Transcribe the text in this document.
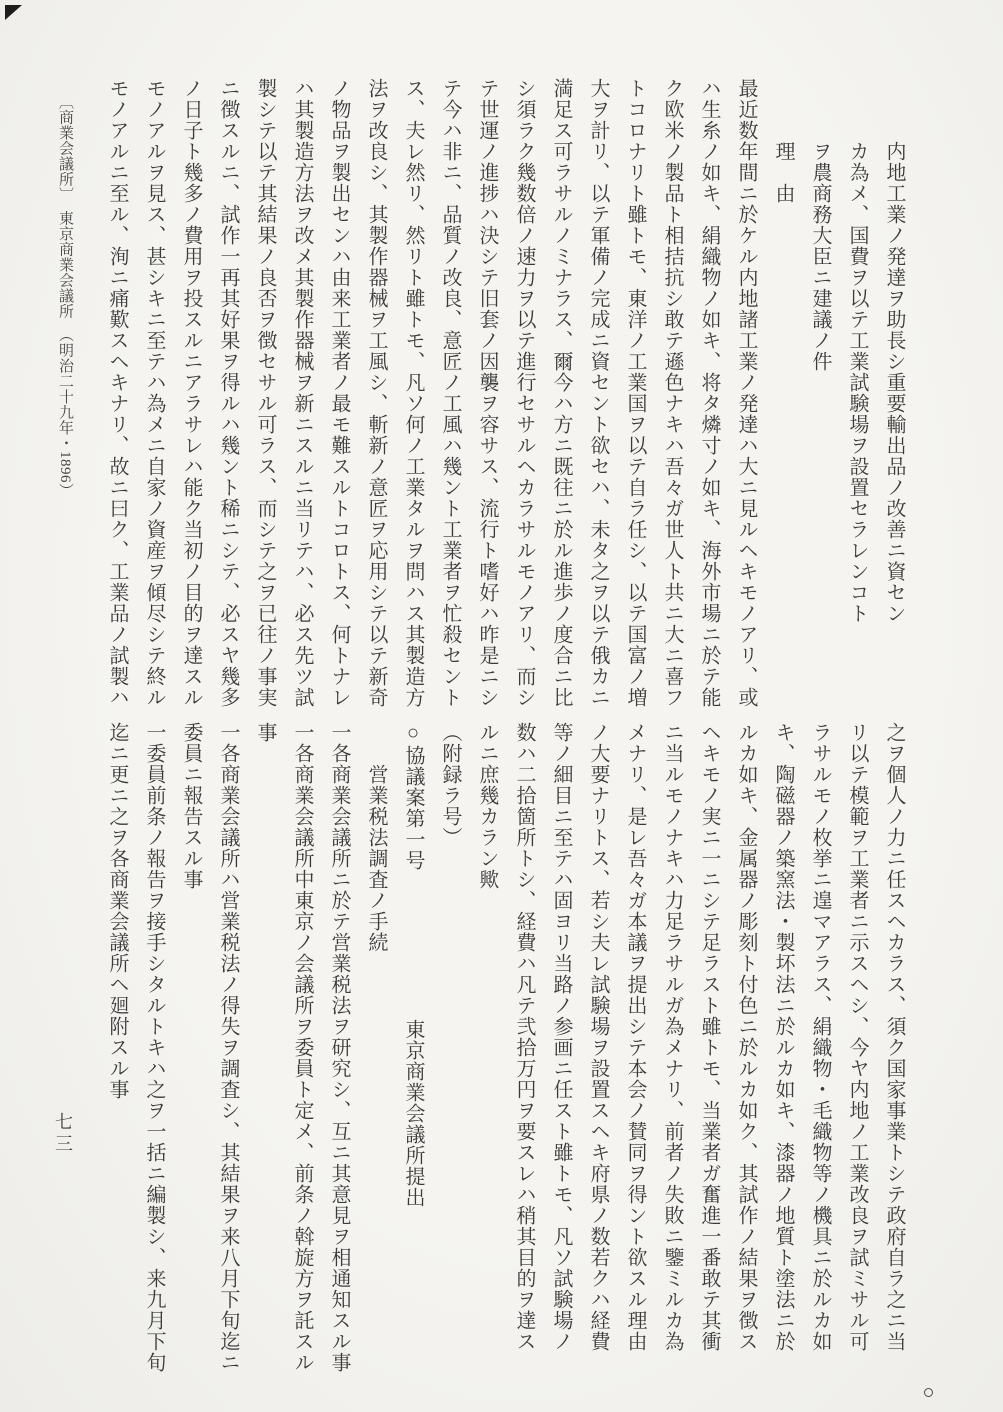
　　　内地工業ノ発達ヲ助長シ重要輸出品ノ改善ニ資セン

　　　カ為メ、国費ヲ以テ工業試験場ヲ設置セラレンコト

　　　ヲ農商務大臣ニ建議ノ件

　　　理　由

最近数年間ニ於ケル内地諸工業ノ発達ハ大ニ見ルヘキモノアリ、或

ハ生糸ノ如キ、絹織物ノ如キ、将タ燐寸ノ如キ、海外市場ニ於テ能

ク欧米ノ製品ト相拮抗シ敢テ遜色ナキハ吾々ガ世人ト共ニ大ニ喜フ

トコロナリト雖トモ、東洋ノ工業国ヲ以テ自ラ任シ、以テ国富ノ増

大ヲ計リ、以テ軍備ノ完成ニ資セント欲セハ、未タ之ヲ以テ俄カニ

満足ス可ラサルノミナラス、爾今ハ方ニ既往ニ於ル進歩ノ度合ニ比

シ須ラク幾数倍ノ速力ヲ以テ進行セサルヘカラサルモノアリ、而シ

テ世運ノ進捗ハ決シテ旧套ノ因襲ヲ容サス、流行ト嗜好ハ昨是ニシ

テ今ハ非ニ、品質ノ改良、意匠ノ工風ハ幾ント工業者ヲ忙殺セント

ス、夫レ然リ、然リト雖トモ、凡ソ何ノ工業タルヲ問ハス其製造方

法ヲ改良シ、其製作器械ヲ工風シ、斬新ノ意匠ヲ応用シテ以テ新奇

ノ物品ヲ製出センハ由来工業者ノ最モ難スルトコロトス、何トナレ

ハ其製造方法ヲ改メ其製作器械ヲ新ニスルニ当リテハ、必ス先ツ試

製シテ以テ其結果ノ良否ヲ徴セサル可ラス、而シテ之ヲ已往ノ事実

ニ徴スルニ、試作一再其好果ヲ得ルハ幾ント稀ニシテ、必スヤ幾多

ノ日子ト幾多ノ費用ヲ投スルニアラサレハ能ク当初ノ目的ヲ達スル

モノアルヲ見ス、甚シキニ至テハ為メニ自家ノ資産ヲ傾尽シテ終ル

モノアルニ至ル、洵ニ痛歎スヘキナリ、故ニ曰ク、工業品ノ試製ハ

〔商業会議所〕　東京商業会議所　（明治二十九年・1896）

之ヲ個人ノ力ニ任スヘカラス、須ク国家事業トシテ政府自ラ之ニ当

リ以テ模範ヲ工業者ニ示スヘシ、今ヤ内地ノ工業改良ヲ試ミサル可

ラサルモノ枚挙ニ遑マアラス、絹織物・毛織物等ノ機具ニ於ルカ如

キ、陶磁器ノ築窯法・製坏法ニ於ルカ如キ、漆器ノ地質ト塗法ニ於

ルカ如キ、金属器ノ彫刻ト付色ニ於ルカ如ク、其試作ノ結果ヲ徴ス

ヘキモノ実ニ一ニシテ足ラスト雖トモ、当業者ガ奮進一番敢テ其衝

ニ当ルモノナキハ力足ラサルガ為メナリ、前者ノ失敗ニ鑒ミルカ為

メナリ、是レ吾々ガ本議ヲ提出シテ本会ノ賛同ヲ得ント欲スル理由

ノ大要ナリトス、若シ夫レ試験場ヲ設置スヘキ府県ノ数若クハ経費

等ノ細目ニ至テハ固ヨリ当路ノ参画ニ任スト雖トモ、凡ソ試験場ノ

数ハ二拾箇所トシ、経費ハ凡テ弐拾万円ヲ要スレハ稍其目的ヲ達ス

ルニ庶幾カラン歟

（附録ラ号）

○協議案第一号東京商業会議所提出

　　営業税法調査ノ手続

一各商業会議所ニ於テ営業税法ヲ研究シ、互ニ其意見ヲ相通知スル事

一各商業会議所中東京ノ会議所ヲ委員ト定メ、前条ノ斡旋方ヲ託スル

事

一各商業会議所ハ営業税法ノ得失ヲ調査シ、其結果ヲ来八月下旬迄ニ

委員ニ報告スル事

一委員前条ノ報告ヲ接手シタルトキハ之ヲ一括ニ編製シ、来九月下旬

迄ニ更ニ之ヲ各商業会議所ヘ廻附スル事

七三
